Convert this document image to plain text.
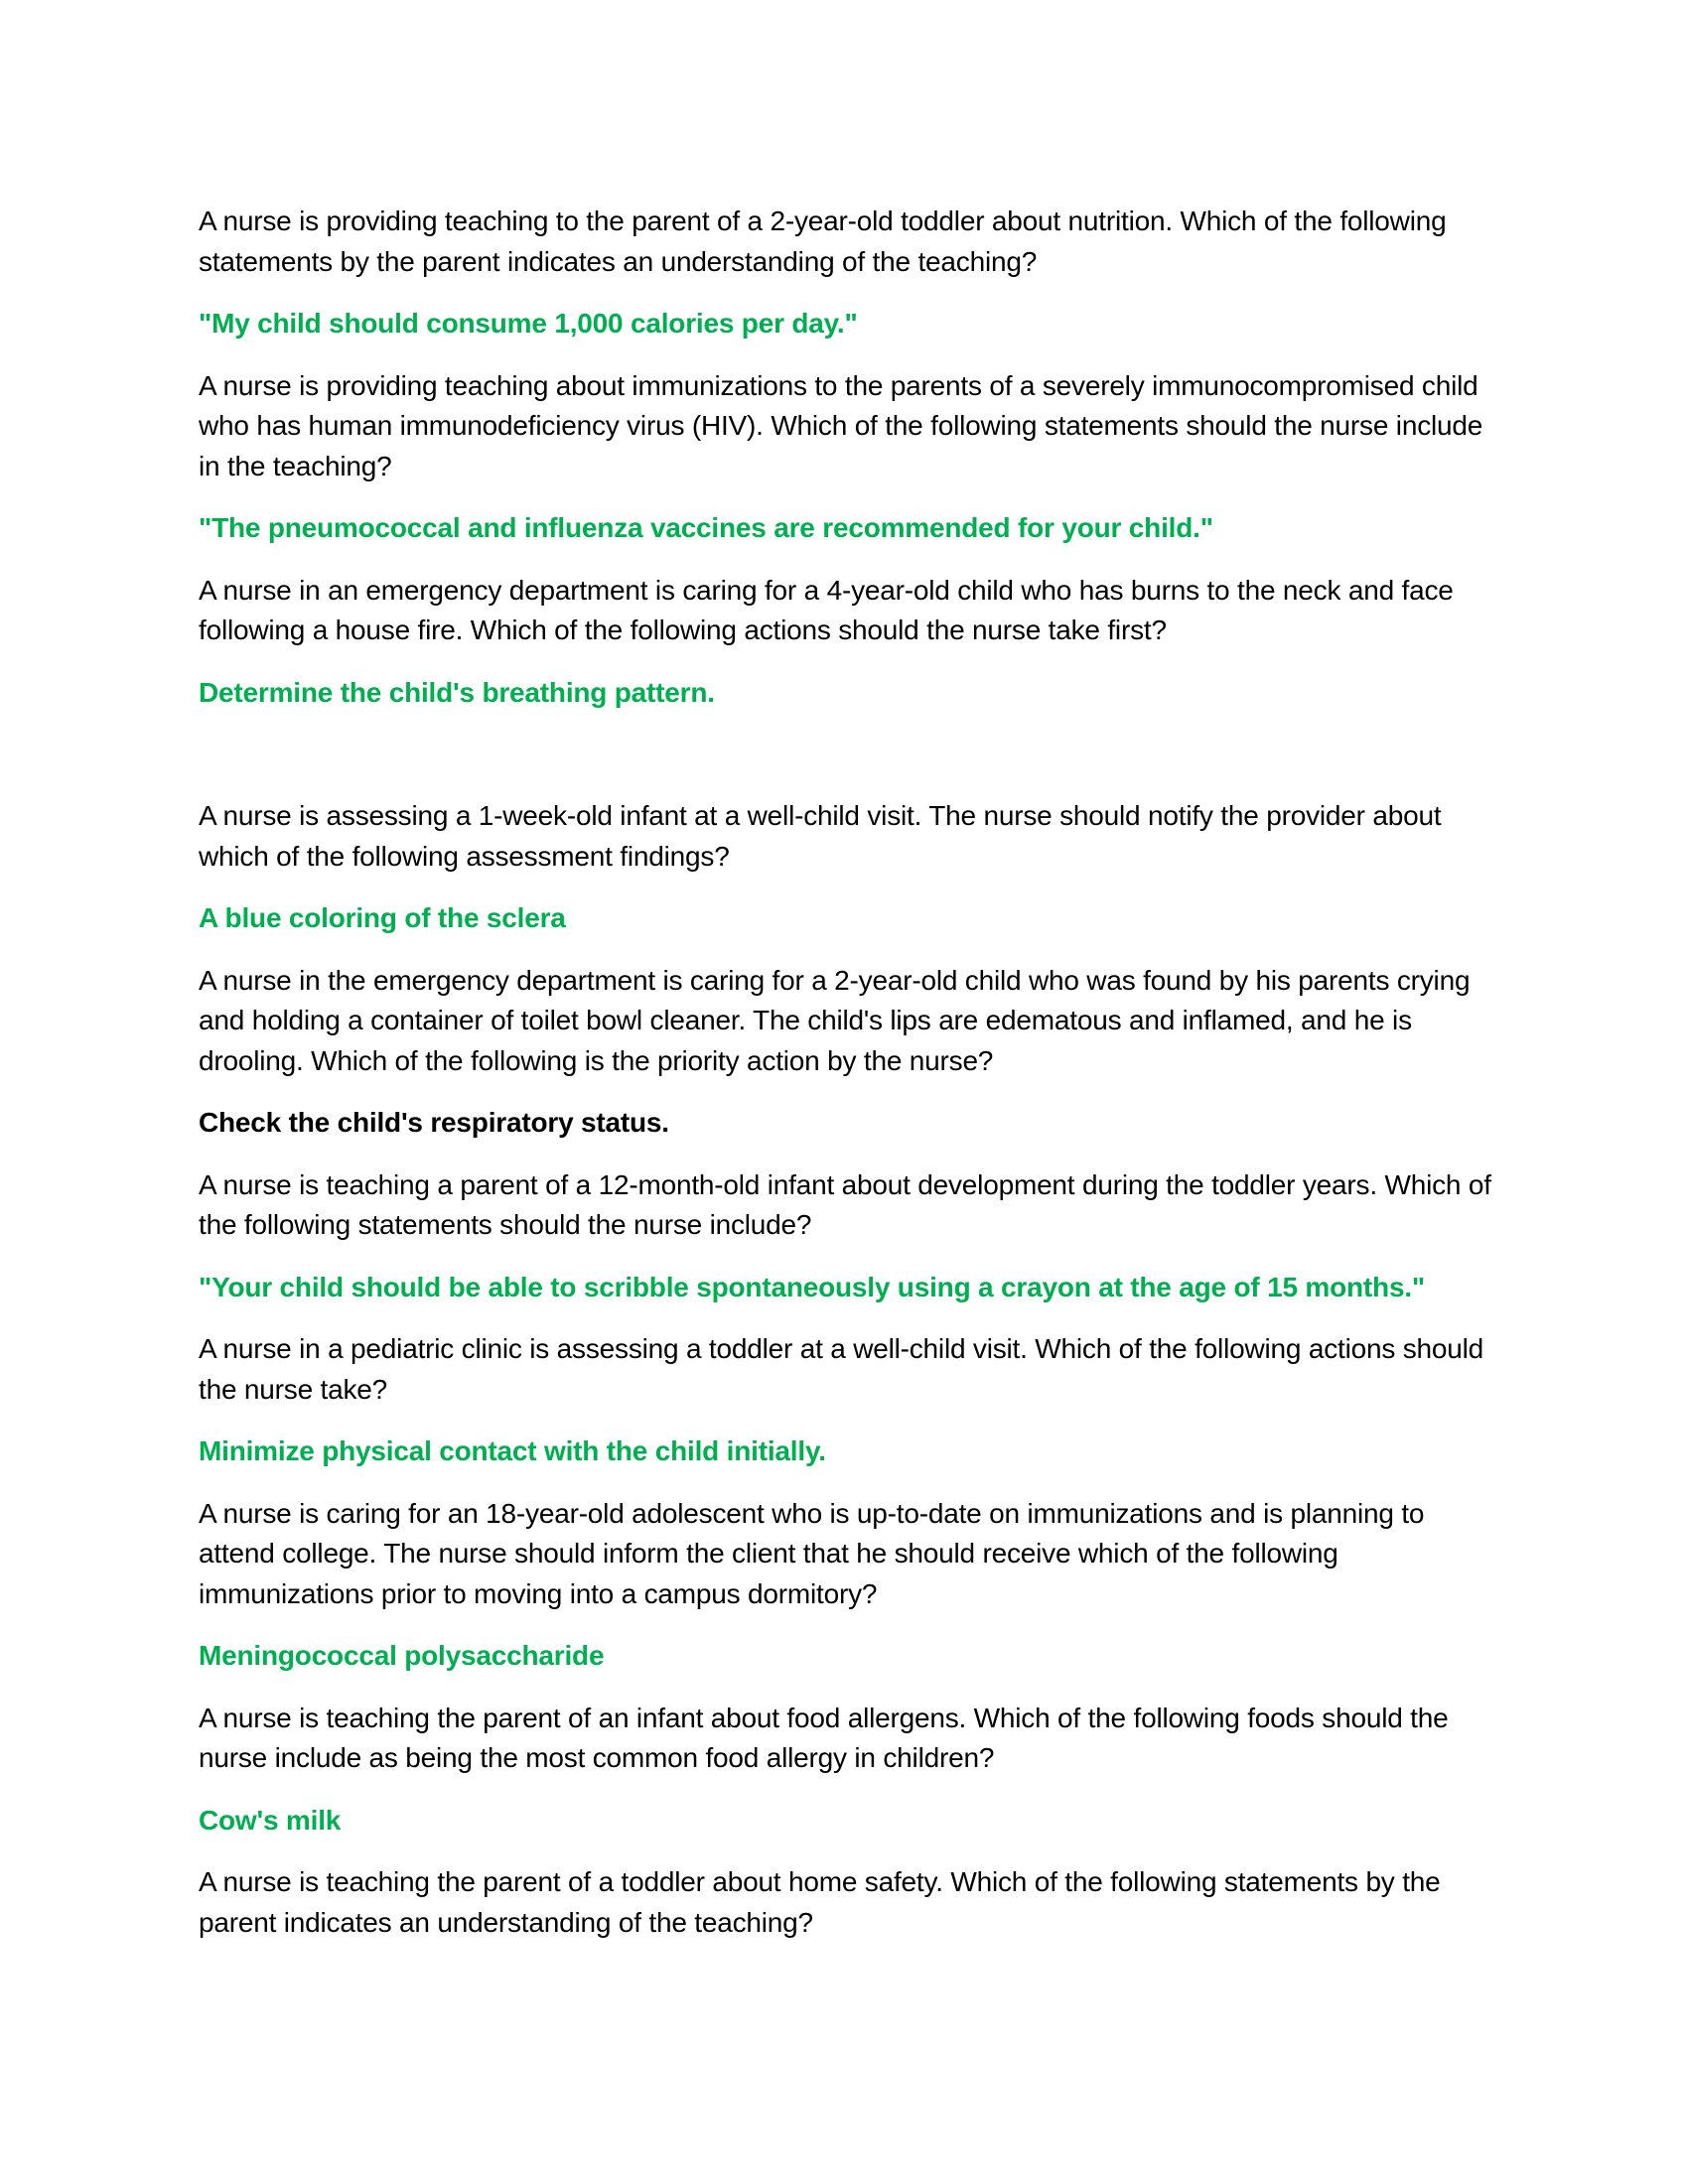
A nurse is providing teaching to the parent of a 2-year-old toddler about nutrition. Which of the following statements by the parent indicates an understanding of the teaching?

"My child should consume 1,000 calories per day."

A nurse is providing teaching about immunizations to the parents of a severely immunocompromised child who has human immunodeficiency virus (HIV). Which of the following statements should the nurse include in the teaching?

"The pneumococcal and influenza vaccines are recommended for your child."

A nurse in an emergency department is caring for a 4-year-old child who has burns to the neck and face following a house fire. Which of the following actions should the nurse take first?

Determine the child's breathing pattern.

A nurse is assessing a 1-week-old infant at a well-child visit. The nurse should notify the provider about which of the following assessment findings?

A blue coloring of the sclera

A nurse in the emergency department is caring for a 2-year-old child who was found by his parents crying and holding a container of toilet bowl cleaner. The child's lips are edematous and inflamed, and he is drooling. Which of the following is the priority action by the nurse?

Check the child's respiratory status.

A nurse is teaching a parent of a 12-month-old infant about development during the toddler years. Which of the following statements should the nurse include?

"Your child should be able to scribble spontaneously using a crayon at the age of 15 months."

A nurse in a pediatric clinic is assessing a toddler at a well-child visit. Which of the following actions should the nurse take?

Minimize physical contact with the child initially.

A nurse is caring for an 18-year-old adolescent who is up-to-date on immunizations and is planning to attend college. The nurse should inform the client that he should receive which of the following immunizations prior to moving into a campus dormitory?

Meningococcal polysaccharide

A nurse is teaching the parent of an infant about food allergens. Which of the following foods should the nurse include as being the most common food allergy in children?

Cow's milk

A nurse is teaching the parent of a toddler about home safety. Which of the following statements by the parent indicates an understanding of the teaching?
